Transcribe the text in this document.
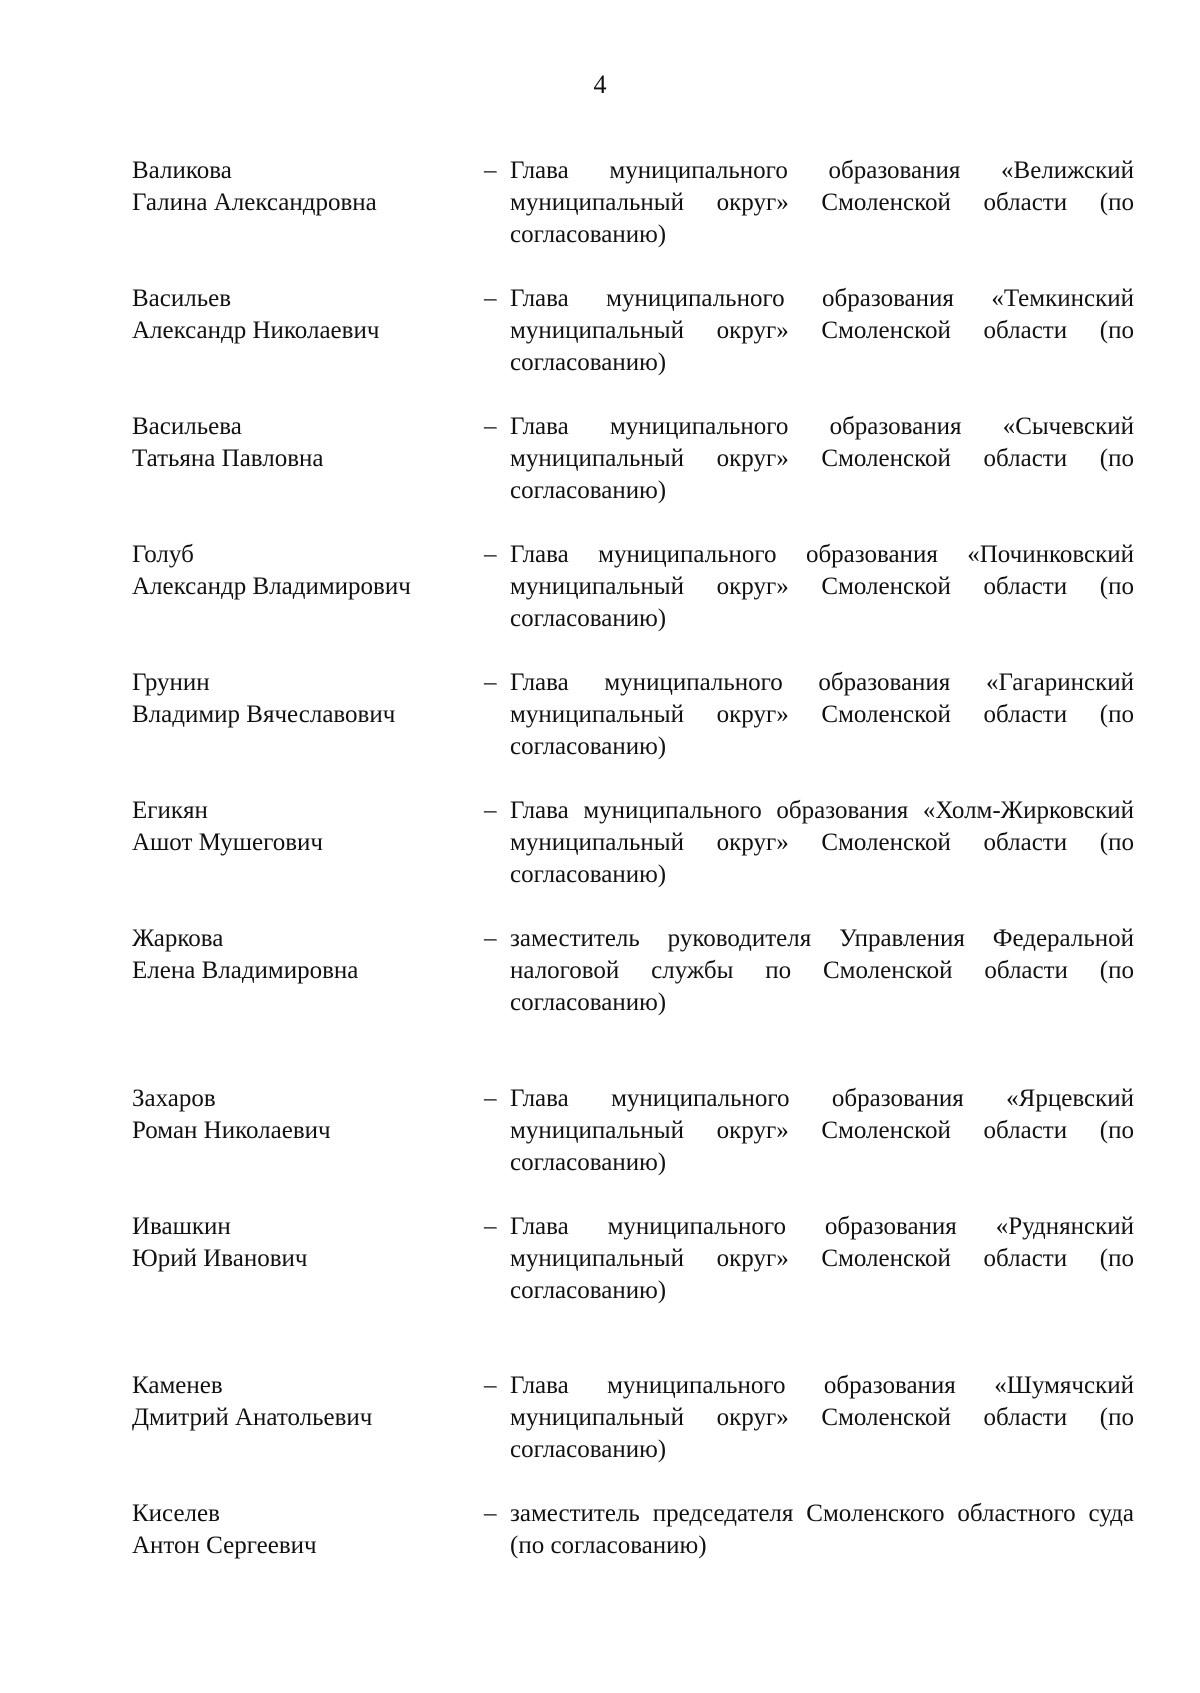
4
Валикова
Галина Александровна
– Глава муниципального образования «Велижский муниципальный округ» Смоленской области (по согласованию)
Васильев
Александр Николаевич
– Глава муниципального образования «Темкинский муниципальный округ» Смоленской области (по согласованию)
Васильева
Татьяна Павловна
– Глава муниципального образования «Сычевский муниципальный округ» Смоленской области (по согласованию)
Голуб
Александр Владимирович
– Глава муниципального образования «Починковский муниципальный округ» Смоленской области (по согласованию)
Грунин
Владимир Вячеславович
– Глава муниципального образования «Гагаринский муниципальный округ» Смоленской области (по согласованию)
Егикян
Ашот Мушегович
– Глава муниципального образования «Холм-Жирковский муниципальный округ» Смоленской области (по согласованию)
Жаркова
Елена Владимировна
– заместитель руководителя Управления Федеральной налоговой службы по Смоленской области (по согласованию)
Захаров
Роман Николаевич
– Глава муниципального образования «Ярцевский муниципальный округ» Смоленской области (по согласованию)
Ивашкин
Юрий Иванович
– Глава муниципального образования «Руднянский муниципальный округ» Смоленской области (по согласованию)
Каменев
Дмитрий Анатольевич
– Глава муниципального образования «Шумячский муниципальный округ» Смоленской области (по согласованию)
Киселев
Антон Сергеевич
– заместитель председателя Смоленского областного суда (по согласованию)
